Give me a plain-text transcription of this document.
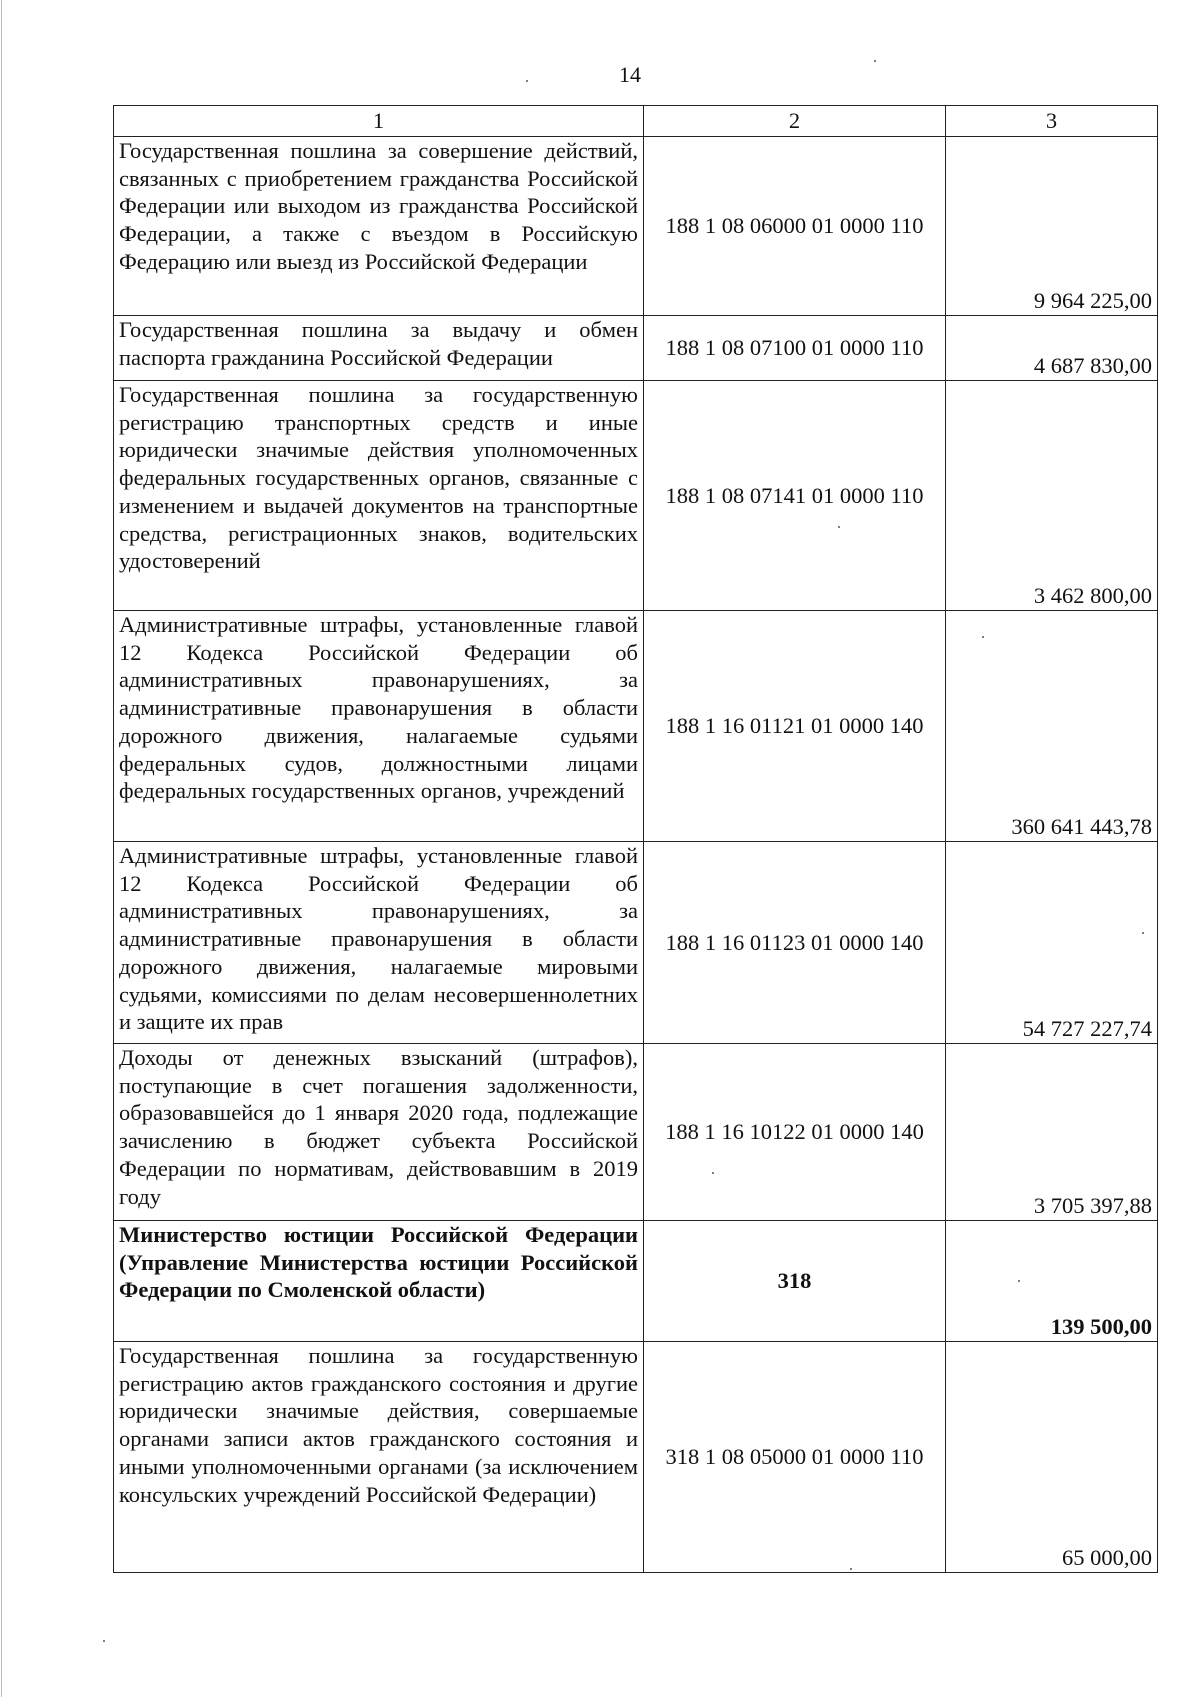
14
1	2	3
Государственная пошлина за совершение действий, связанных с приобретением гражданства Российской Федерации или выходом из гражданства Российской Федерации, а также с въездом в Российскую Федерацию или выезд из Российской Федерации	188 1 08 06000 01 0000 110	9 964 225,00
Государственная пошлина за выдачу и обмен паспорта гражданина Российской Федерации	188 1 08 07100 01 0000 110	4 687 830,00
Государственная пошлина за государственную регистрацию транспортных средств и иные юридически значимые действия уполномоченных федеральных государственных органов, связанные с изменением и выдачей документов на транспортные средства, регистрационных знаков, водительских удостоверений	188 1 08 07141 01 0000 110	3 462 800,00
Административные штрафы, установленные главой 12 Кодекса Российской Федерации об административных правонарушениях, за административные правонарушения в области дорожного движения, налагаемые судьями федеральных судов, должностными лицами федеральных государственных органов, учреждений	188 1 16 01121 01 0000 140	360 641 443,78
Административные штрафы, установленные главой 12 Кодекса Российской Федерации об административных правонарушениях, за административные правонарушения в области дорожного движения, налагаемые мировыми судьями, комиссиями по делам несовершеннолетних и защите их прав	188 1 16 01123 01 0000 140	54 727 227,74
Доходы от денежных взысканий (штрафов), поступающие в счет погашения задолженности, образовавшейся до 1 января 2020 года, подлежащие зачислению в бюджет субъекта Российской Федерации по нормативам, действовавшим в 2019 году	188 1 16 10122 01 0000 140	3 705 397,88
Министерство юстиции Российской Федерации (Управление Министерства юстиции Российской Федерации по Смоленской области)	318	139 500,00
Государственная пошлина за государственную регистрацию актов гражданского состояния и другие юридически значимые действия, совершаемые органами записи актов гражданского состояния и иными уполномоченными органами (за исключением консульских учреждений Российской Федерации)	318 1 08 05000 01 0000 110	65 000,00
